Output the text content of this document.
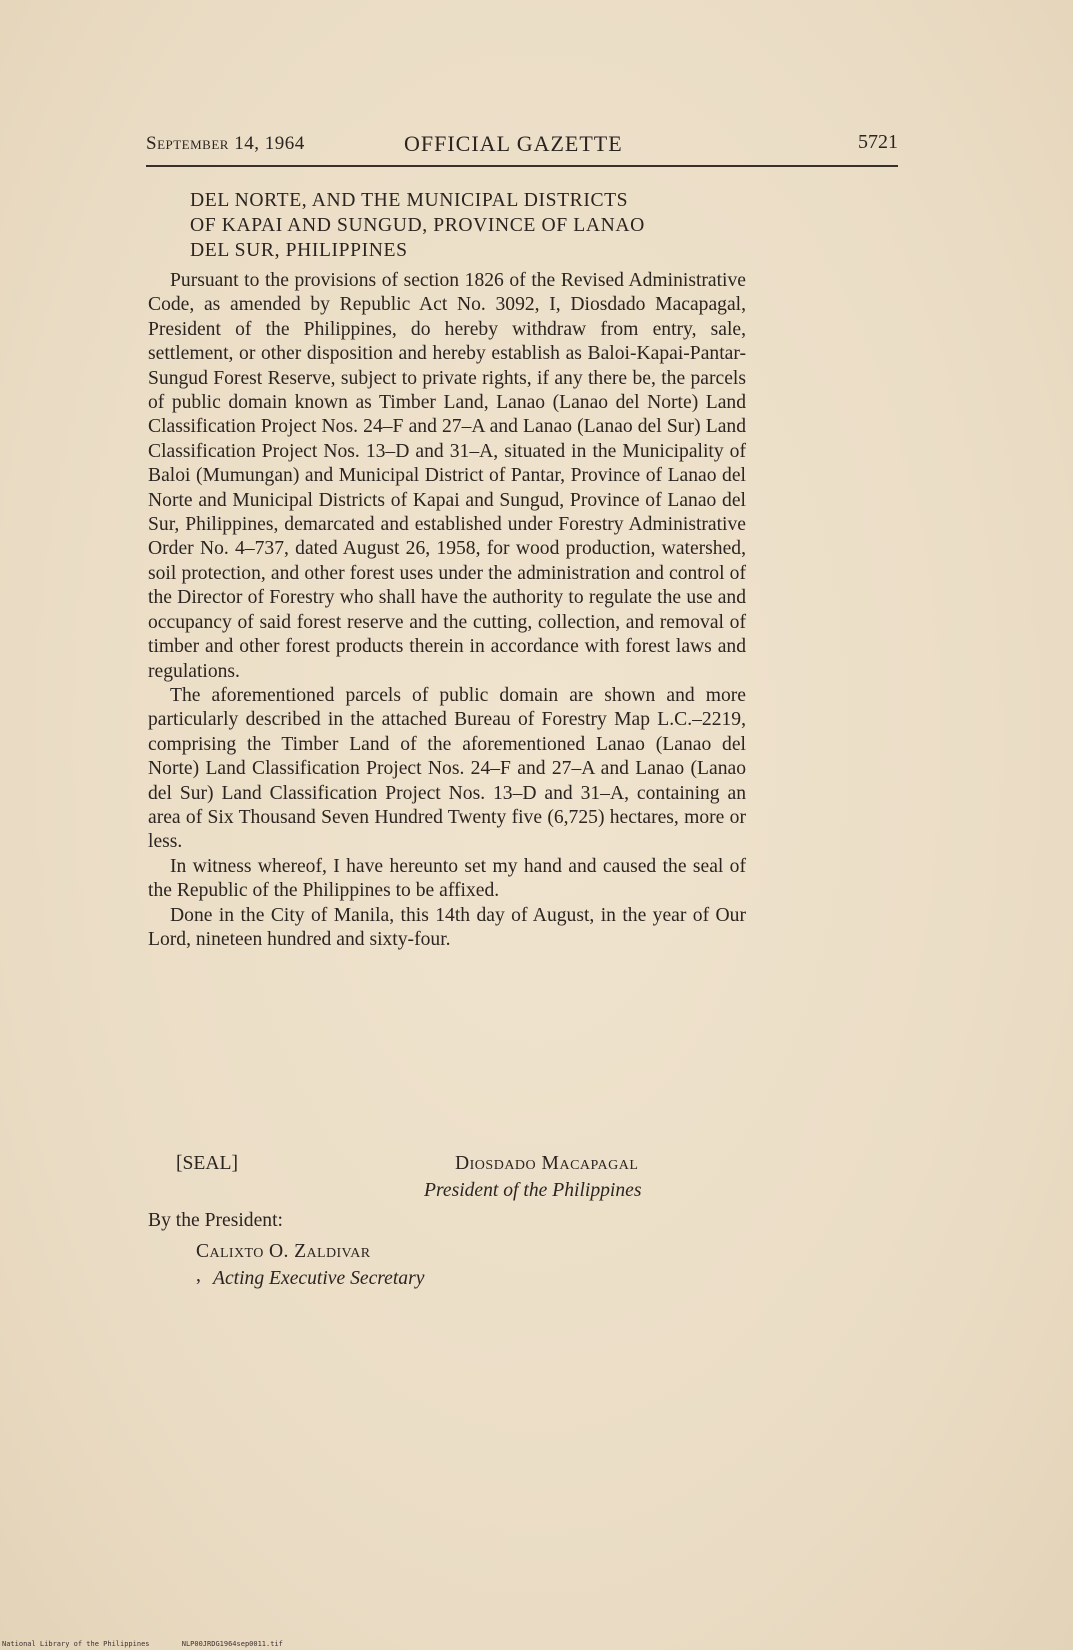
September 14, 1964	OFFICIAL GAZETTE	5721
DEL NORTE, AND THE MUNICIPAL DISTRICTS
OF KAPAI AND SUNGUD, PROVINCE OF LANAO
DEL SUR, PHILIPPINES

Pursuant to the provisions of section 1826 of the Revised Administrative Code, as amended by Republic Act No. 3092, I, Diosdado Macapagal, President of the Philippines, do hereby withdraw from entry, sale, settlement, or other disposition and hereby establish as Baloi-Kapai-Pantar-Sungud Forest Reserve, subject to private rights, if any there be, the parcels of public domain known as Timber Land, Lanao (Lanao del Norte) Land Classification Project Nos. 24–F and 27–A and Lanao (Lanao del Sur) Land Classification Project Nos. 13–D and 31–A, situated in the Municipality of Baloi (Mumungan) and Municipal District of Pantar, Province of Lanao del Norte and Municipal Districts of Kapai and Sungud, Province of Lanao del Sur, Philippines, demarcated and established under Forestry Administrative Order No. 4–737, dated August 26, 1958, for wood production, watershed, soil protection, and other forest uses under the administration and control of the Director of Forestry who shall have the authority to regulate the use and occupancy of said forest reserve and the cutting, collection, and removal of timber and other forest products therein in accordance with forest laws and regulations.

The aforementioned parcels of public domain are shown and more particularly described in the attached Bureau of Forestry Map L.C.–2219, comprising the Timber Land of the aforementioned Lanao (Lanao del Norte) Land Classification Project Nos. 24–F and 27–A and Lanao (Lanao del Sur) Land Classification Project Nos. 13–D and 31–A, containing an area of Six Thousand Seven Hundred Twenty five (6,725) hectares, more or less.

In witness whereof, I have hereunto set my hand and caused the seal of the Republic of the Philippines to be affixed.

Done in the City of Manila, this 14th day of August, in the year of Our Lord, nineteen hundred and sixty-four.

[SEAL]	Diosdado Macapagal
President of the Philippines
By the President:
Calixto O. Zaldivar
, Acting Executive Secretary
National Library of the Philippines	NLP00JRDG1964sep0011.tif
